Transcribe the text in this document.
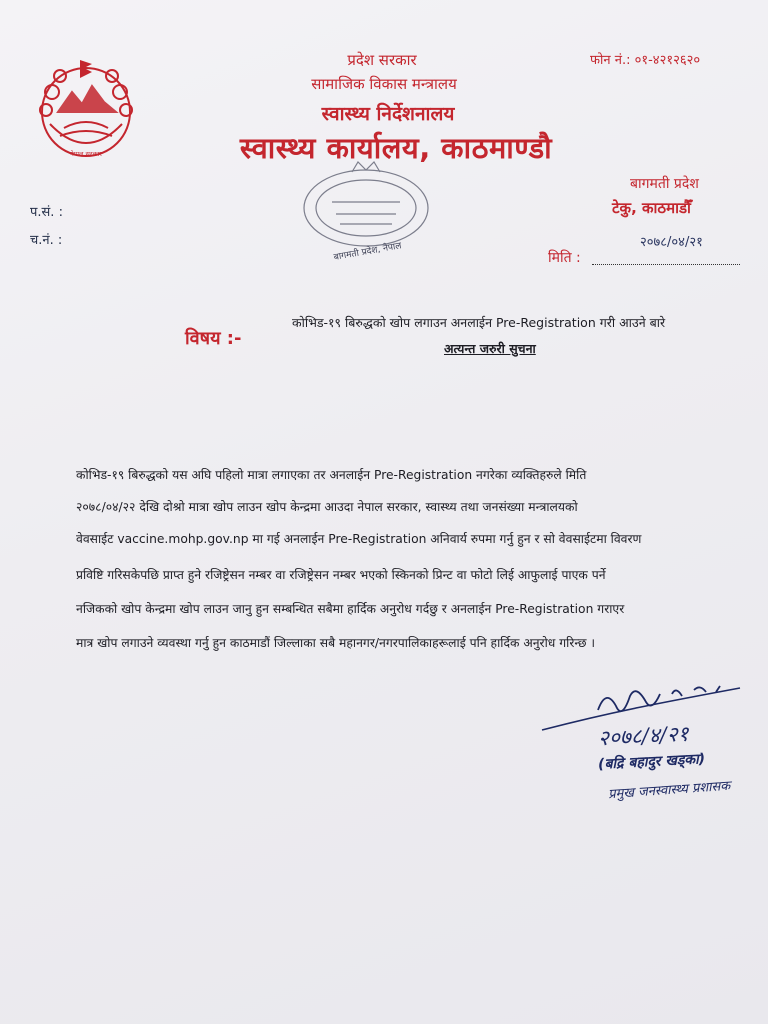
नेपाल सरकार
प्रदेश सरकार
सामाजिक विकास मन्त्रालय
स्वास्थ्य निर्देशनालय
स्वास्थ्य कार्यालय, काठमाण्डौ
फोन नं.: ०१-४२१२६२०
बागमती प्रदेश
टेकु, काठमाडौँ
प.सं. :
च.नं. :
मिति :
२०७८/०४/२१
बागमती प्रदेश, नेपाल
विषय :-
कोभिड-१९ बिरुद्धको खोप लगाउन अनलाईन Pre-Registration गरी आउने बारे
अत्यन्त जरुरी सुचना
कोभिड-१९ बिरुद्धको यस अघि पहिलो मात्रा लगाएका तर अनलाईन Pre-Registration नगरेका व्यक्तिहरुले मिति
२०७८/०४/२२ देखि दोश्रो मात्रा खोप लाउन खोप केन्द्रमा आउदा नेपाल सरकार, स्वास्थ्य तथा जनसंख्या मन्त्रालयको
वेवसाईट vaccine.mohp.gov.np मा गई अनलाईन Pre-Registration अनिवार्य रुपमा गर्नु हुन र सो वेवसाईटमा विवरण
प्रविष्टि गरिसकेपछि प्राप्त हुने रजिष्ट्रेसन नम्बर वा रजिष्ट्रेसन नम्बर भएको स्किनको प्रिन्ट वा फोटो लिई आफुलाई पाएक पर्ने
नजिकको खोप केन्द्रमा खोप लाउन जानु हुन सम्बन्धित सबैमा हार्दिक अनुरोध गर्दछु र अनलाईन Pre-Registration गराएर
मात्र खोप लगाउने व्यवस्था गर्नु हुन काठमाडौं जिल्लाका सबै महानगर/नगरपालिकाहरूलाई पनि हार्दिक अनुरोध गरिन्छ ।
२०७८/४/२१
(बद्रि बहादुर खड्का)
प्रमुख जनस्वास्थ्य प्रशासक
